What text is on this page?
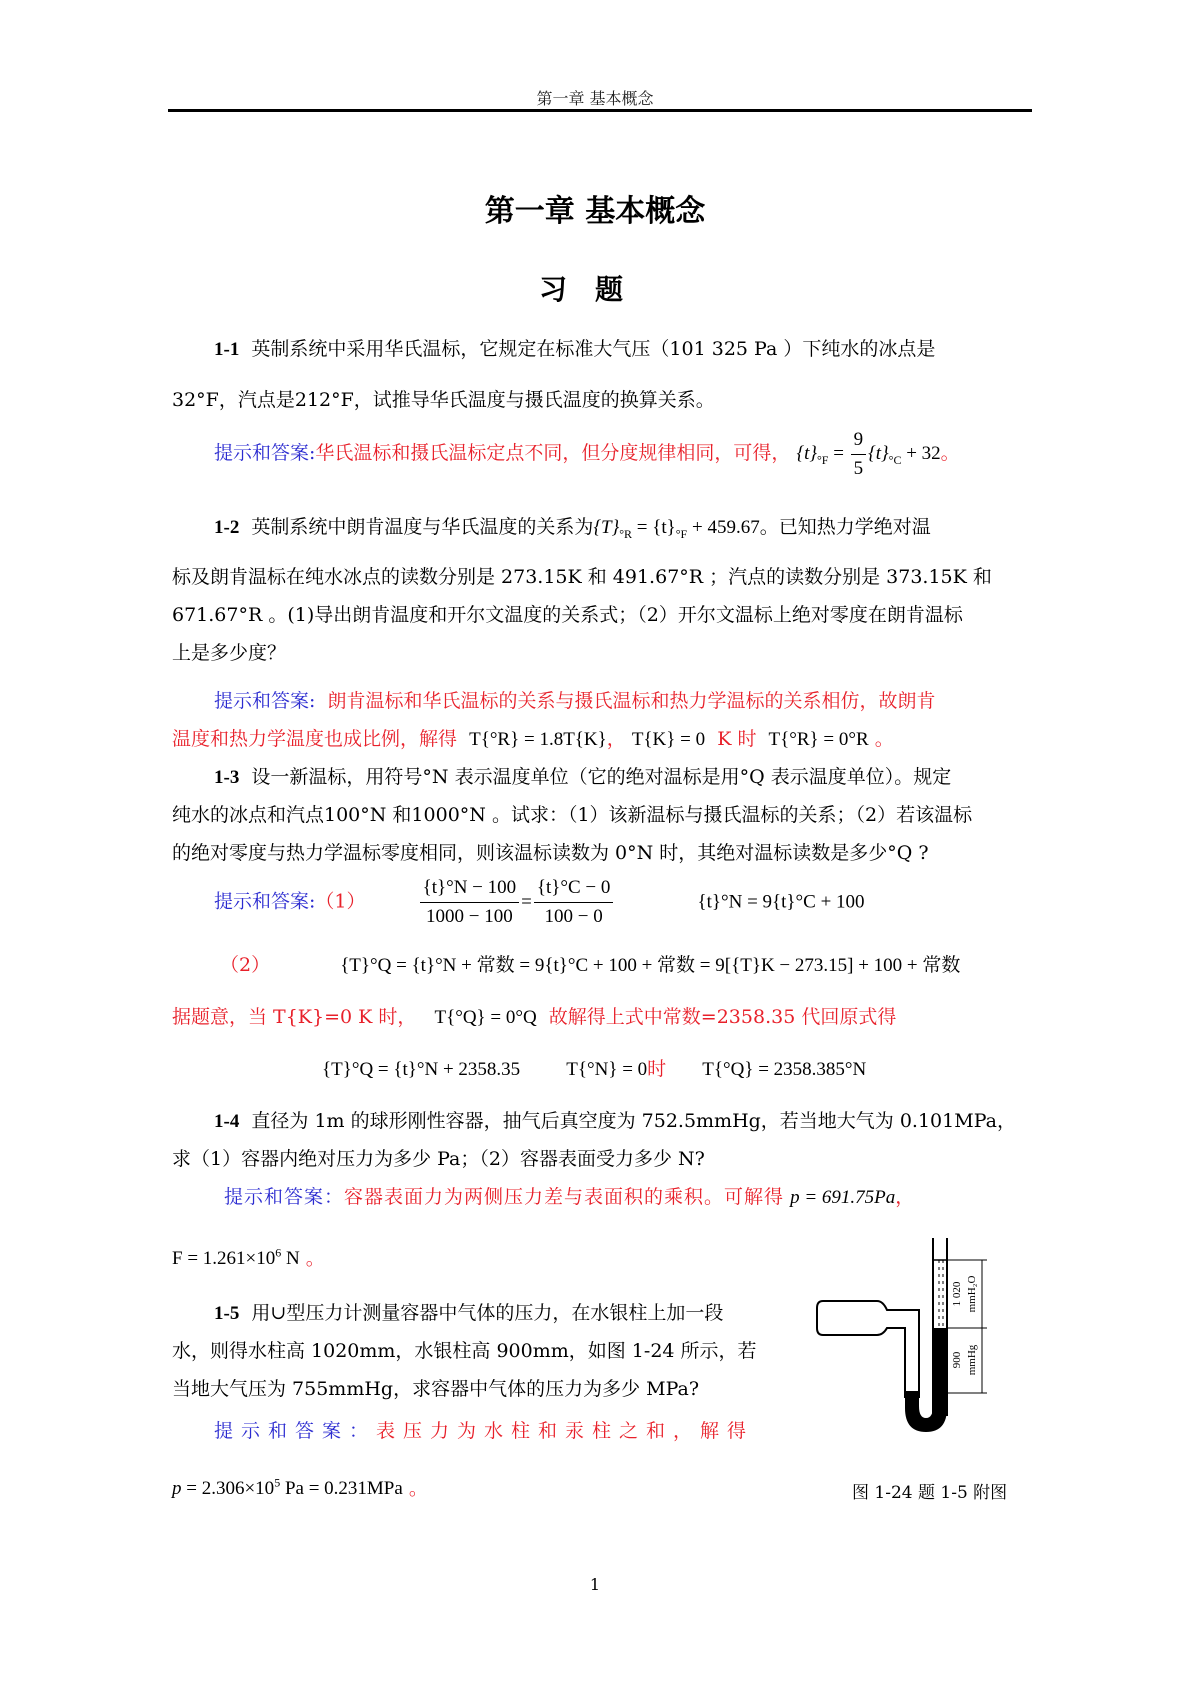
第一章 基本概念
第一章 基本概念
习题
1-1 英制系统中采用华氏温标，它规定在标准大气压（101 325 Pa ）下纯水的冰点是
32°F，汽点是212°F，试推导华氏温度与摄氏温度的换算关系。
提示和答案:华氏温标和摄氏温标定点不同，但分度规律相同，可得， $\{t\}_{^\circ F} = \frac{9}{5} \{t\}_{^\circ C} + 32$。
1-2 英制系统中朗肯温度与华氏温度的关系为$\{T\}_{^\circ R} = \{t\}_{^\circ F} + 459.67$。已知热力学绝对温
标及朗肯温标在纯水冰点的读数分别是 273.15K 和 491.67°R ；汽点的读数分别是 373.15K 和
671.67°R 。(1)导出朗肯温度和开尔文温度的关系式；（2）开尔文温标上绝对零度在朗肯温标
上是多少度？
提示和答案: 朗肯温标和华氏温标的关系与摄氏温标和热力学温标的关系相仿，故朗肯
温度和热力学温度也成比例，解得 T{°R} = 1.8T{K}， T{K} = 0 K 时 T{°R} = 0°R 。
1-3 设一新温标，用符号°N 表示温度单位（它的绝对温标是用°Q 表示温度单位）。规定
纯水的冰点和汽点100°N 和1000°N 。试求：（1）该新温标与摄氏温标的关系；（2）若该温标
的绝对零度与热力学温标零度相同，则该温标读数为 0°N 时，其绝对温标读数是多少°Q ?
提示和答案:（1）	$\frac{\{t\}^\circ N - 100}{1000 - 100} = \frac{\{t\}^\circ C - 0}{100 - 0}$	{t}°N = 9{t}°C + 100
（2）	{T}°Q = {t}°N + 常数 = 9{t}°C + 100 + 常数 = 9[{T}K − 273.15] + 100 + 常数
据题意，当 T{K}=0 K 时， T{°Q} = 0°Q 故解得上式中常数=2358.35 代回原式得
{T}°Q = {t}°N + 2358.35 T{°N} = 0时 T{°Q} = 2358.385°N
1-4 直径为 1m 的球形刚性容器，抽气后真空度为 752.5mmHg，若当地大气为 0.101MPa，
求（1）容器内绝对压力为多少 Pa；（2）容器表面受力多少 N?
提示和答案：容器表面力为两侧压力差与表面积的乘积。可解得 p = 691.75Pa，
$F = 1.261\times 10^6$ N 。
1-5 用∪型压力计测量容器中气体的压力，在水银柱上加一段
水，则得水柱高 1020mm，水银柱高 900mm，如图 1-24 所示，若
当地大气压为 755mmHg，求容器中气体的压力为多少 MPa?
提示和答案：表压力为水柱和汞柱之和，解得
$p = 2.306\times 10^5$ Pa = 0.231MPa 。
1 020 mmH₂O
900 mmHg
图 1-24 题 1-5 附图
1
